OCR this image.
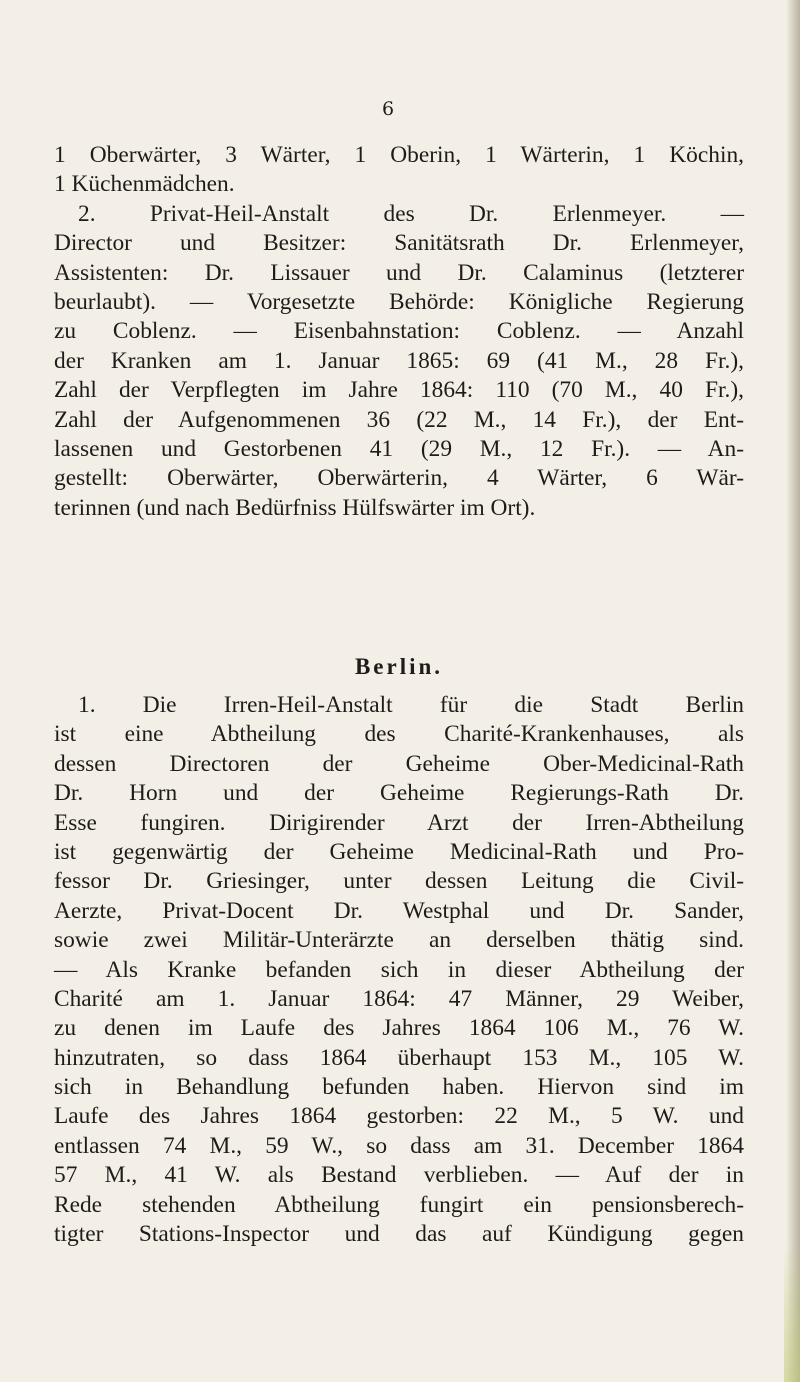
6
1 Oberwärter, 3 Wärter, 1 Oberin, 1 Wärterin, 1 Köchin,
1 Küchenmädchen.
2. Privat-Heil-Anstalt des Dr. Erlenmeyer. —
Director und Besitzer: Sanitätsrath Dr. Erlenmeyer,
Assistenten: Dr. Lissauer und Dr. Calaminus (letzterer
beurlaubt). — Vorgesetzte Behörde: Königliche Regierung
zu Coblenz. — Eisenbahnstation: Coblenz. — Anzahl
der Kranken am 1. Januar 1865: 69 (41 M., 28 Fr.),
Zahl der Verpflegten im Jahre 1864: 110 (70 M., 40 Fr.),
Zahl der Aufgenommenen 36 (22 M., 14 Fr.), der Ent-
lassenen und Gestorbenen 41 (29 M., 12 Fr.). — An-
gestellt: Oberwärter, Oberwärterin, 4 Wärter, 6 Wär-
terinnen (und nach Bedürfniss Hülfswärter im Ort).
Berlin.
1. Die Irren-Heil-Anstalt für die Stadt Berlin
ist eine Abtheilung des Charité-Krankenhauses, als
dessen Directoren der Geheime Ober-Medicinal-Rath
Dr. Horn und der Geheime Regierungs-Rath Dr.
Esse fungiren. Dirigirender Arzt der Irren-Abtheilung
ist gegenwärtig der Geheime Medicinal-Rath und Pro-
fessor Dr. Griesinger, unter dessen Leitung die Civil-
Aerzte, Privat-Docent Dr. Westphal und Dr. Sander,
sowie zwei Militär-Unterärzte an derselben thätig sind.
— Als Kranke befanden sich in dieser Abtheilung der
Charité am 1. Januar 1864: 47 Männer, 29 Weiber,
zu denen im Laufe des Jahres 1864 106 M., 76 W.
hinzutraten, so dass 1864 überhaupt 153 M., 105 W.
sich in Behandlung befunden haben. Hiervon sind im
Laufe des Jahres 1864 gestorben: 22 M., 5 W. und
entlassen 74 M., 59 W., so dass am 31. December 1864
57 M., 41 W. als Bestand verblieben. — Auf der in
Rede stehenden Abtheilung fungirt ein pensionsberech-
tigter Stations-Inspector und das auf Kündigung gegen
